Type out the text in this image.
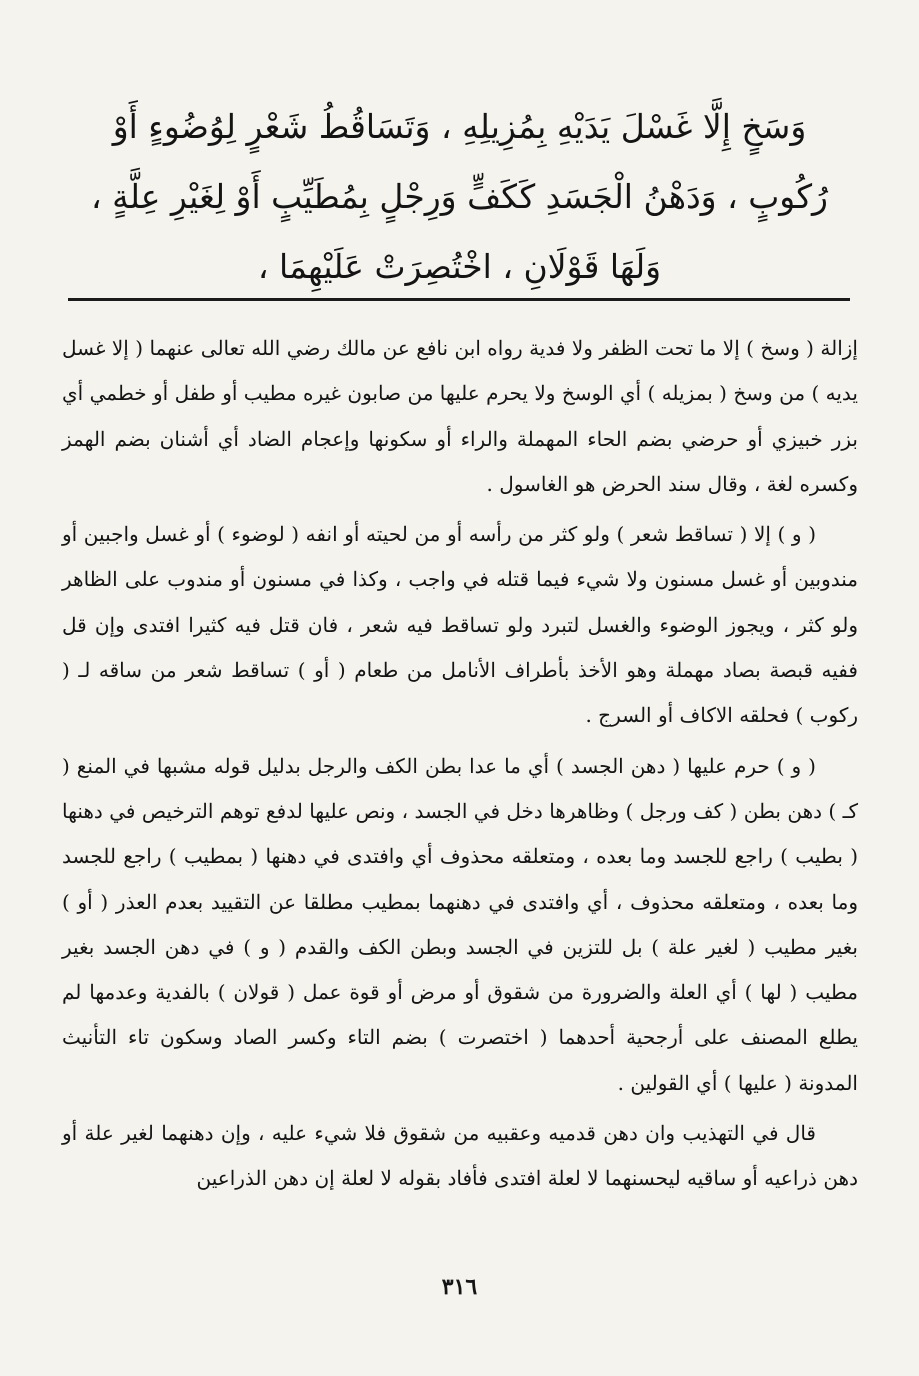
وَسَخٍ إِلَّا غَسْلَ يَدَيْهِ بِمُزِيلِهِ ، وَتَسَاقُطُ شَعْرٍ لِوُضُوءٍ أَوْ
رُكُوبٍ ، وَدَهْنُ الْجَسَدِ كَكَفٍّ وَرِجْلٍ بِمُطَيِّبٍ أَوْ لِغَيْرِ عِلَّةٍ ،
وَلَهَا قَوْلَانِ ، اخْتُصِرَتْ عَلَيْهِمَا ،

إزالة ( وسخ ) إلا ما تحت الظفر ولا فدية رواه ابن نافع عن مالك رضي الله تعالى عنهما ( إلا غسل يديه ) من وسخ ( بمزيله ) أي الوسخ ولا يحرم عليها من صابون غيره مطيب أو طفل أو خطمي أي بزر خبيزي أو حرضي بضم الحاء المهملة والراء أو سكونها وإعجام الضاد أي أشنان بضم الهمز وكسره لغة ، وقال سند الحرض هو الغاسول .

( و ) إلا ( تساقط شعر ) ولو كثر من رأسه أو من لحيته أو انفه ( لوضوء ) أو غسل واجبين أو مندوبين أو غسل مسنون ولا شيء فيما قتله في واجب ، وكذا في مسنون أو مندوب على الظاهر ولو كثر ، ويجوز الوضوء والغسل لتبرد ولو تساقط فيه شعر ، فان قتل فيه كثيرا افتدى وإن قل ففيه قبصة بصاد مهملة وهو الأخذ بأطراف الأنامل من طعام ( أو ) تساقط شعر من ساقه لـ ( ركوب ) فحلقه الاكاف أو السرج .

( و ) حرم عليها ( دهن الجسد ) أي ما عدا بطن الكف والرجل بدليل قوله مشبها في المنع ( كـ ) دهن بطن ( كف ورجل ) وظاهرها دخل في الجسد ، ونص عليها لدفع توهم الترخيص في دهنها ( بطيب ) راجع للجسد وما بعده ، ومتعلقه محذوف أي وافتدى في دهنها ( بمطيب ) راجع للجسد وما بعده ، ومتعلقه محذوف ، أي وافتدى في دهنهما بمطيب مطلقا عن التقييد بعدم العذر ( أو ) بغير مطيب ( لغير علة ) بل للتزين في الجسد وبطن الكف والقدم ( و ) في دهن الجسد بغير مطيب ( لها ) أي العلة والضرورة من شقوق أو مرض أو قوة عمل ( قولان ) بالفدية وعدمها لم يطلع المصنف على أرجحية أحدهما ( اختصرت ) بضم التاء وكسر الصاد وسكون تاء التأنيث المدونة ( عليها ) أي القولين .

قال في التهذيب وان دهن قدميه وعقبيه من شقوق فلا شيء عليه ، وإن دهنهما لغير علة أو دهن ذراعيه أو ساقيه ليحسنهما لا لعلة افتدى فأفاد بقوله لا لعلة إن دهن الذراعين

٣١٦
